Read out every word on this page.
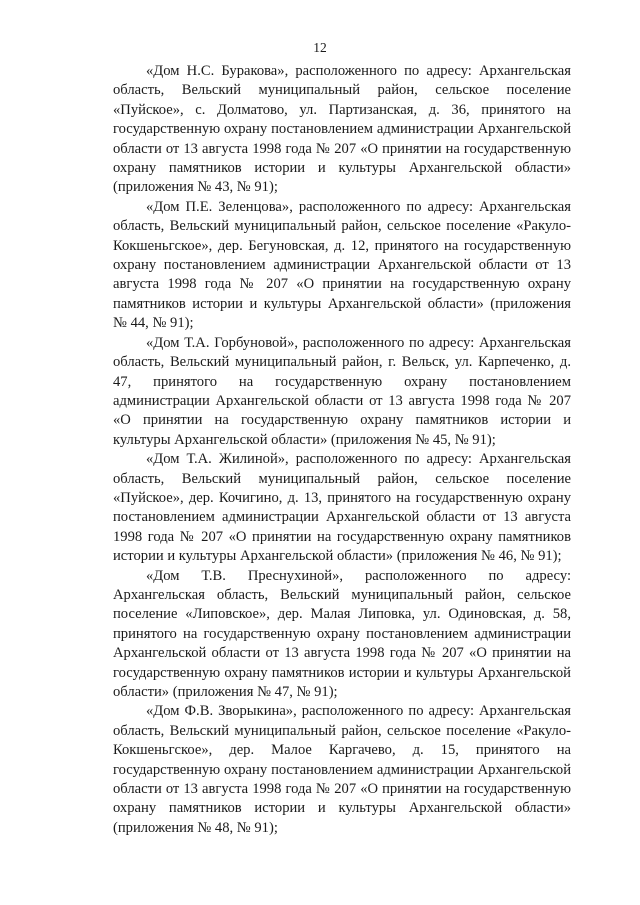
12

«Дом Н.С. Буракова», расположенного по адресу: Архангельская область, Вельский муниципальный район, сельское поселение «Пуйское», с. Долматово, ул. Партизанская, д. 36, принятого на государственную охрану постановлением администрации Архангельской области от 13 августа 1998 года № 207 «О принятии на государственную охрану памятников истории и культуры Архангельской области» (приложения № 43, № 91);

«Дом П.Е. Зеленцова», расположенного по адресу: Архангельская область, Вельский муниципальный район, сельское поселение «Ракуло-Кокшеньгское», дер. Бегуновская, д. 12, принятого на государственную охрану постановлением администрации Архангельской области от 13 августа 1998 года № 207 «О принятии на государственную охрану памятников истории и культуры Архангельской области» (приложения № 44, № 91);

«Дом Т.А. Горбуновой», расположенного по адресу: Архангельская область, Вельский муниципальный район, г. Вельск, ул. Карпеченко, д. 47, принятого на государственную охрану постановлением администрации Архангельской области от 13 августа 1998 года № 207 «О принятии на государственную охрану памятников истории и культуры Архангельской области» (приложения № 45, № 91);

«Дом Т.А. Жилиной», расположенного по адресу: Архангельская область, Вельский муниципальный район, сельское поселение «Пуйское», дер. Кочигино, д. 13, принятого на государственную охрану постановлением администрации Архангельской области от 13 августа 1998 года № 207 «О принятии на государственную охрану памятников истории и культуры Архангельской области» (приложения № 46, № 91);

«Дом Т.В. Преснухиной», расположенного по адресу: Архангельская область, Вельский муниципальный район, сельское поселение «Липовское», дер. Малая Липовка, ул. Одиновская, д. 58, принятого на государственную охрану постановлением администрации Архангельской области от 13 августа 1998 года № 207 «О принятии на государственную охрану памятников истории и культуры Архангельской области» (приложения № 47, № 91);

«Дом Ф.В. Зворыкина», расположенного по адресу: Архангельская область, Вельский муниципальный район, сельское поселение «Ракуло-Кокшеньгское», дер. Малое Каргачево, д. 15, принятого на государственную охрану постановлением администрации Архангельской области от 13 августа 1998 года № 207 «О принятии на государственную охрану памятников истории и культуры Архангельской области» (приложения № 48, № 91);
